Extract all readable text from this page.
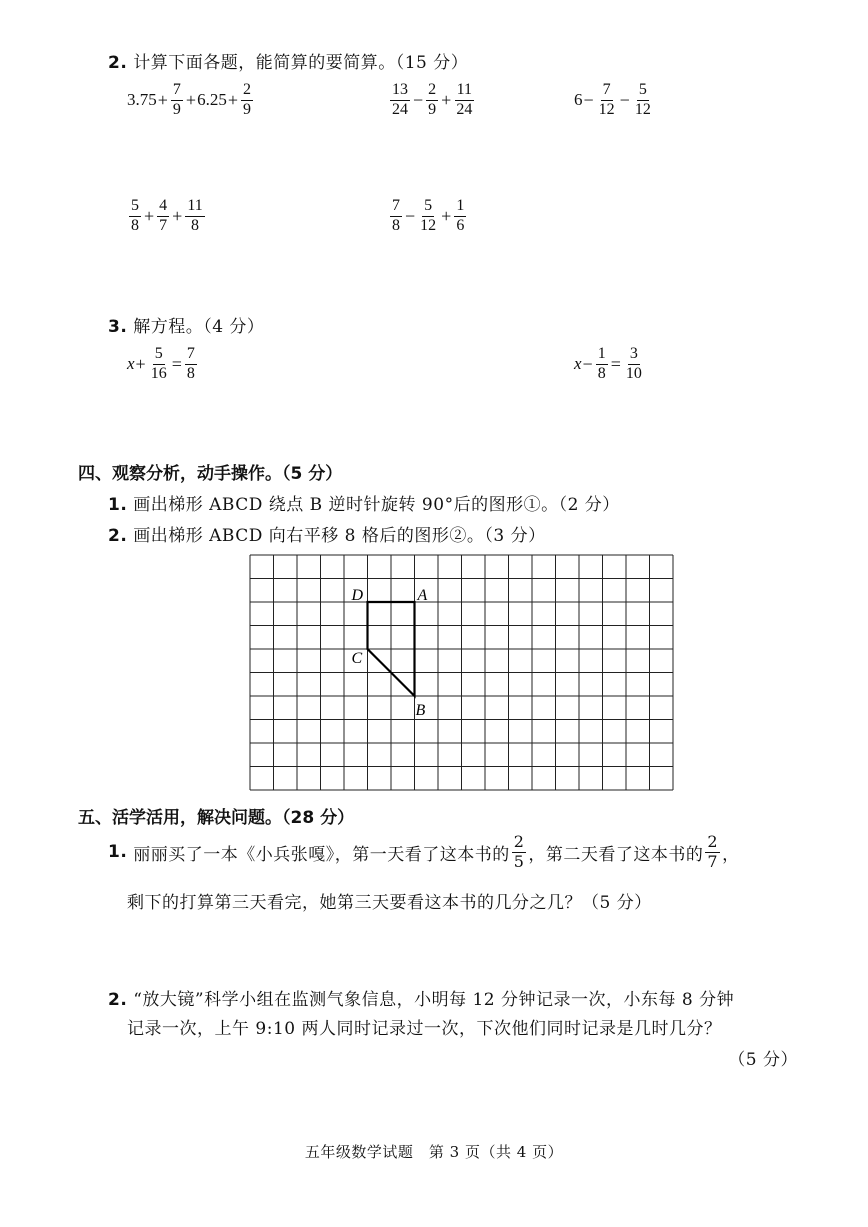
2. 计算下面各题，能简算的要简算。（15 分）
$3.75 + \frac{7}{9} + 6.25 + \frac{2}{9}$	$\frac{13}{24} - \frac{2}{9} + \frac{11}{24}$	$6 - \frac{7}{12} - \frac{5}{12}$
$\frac{5}{8} + \frac{4}{7} + \frac{11}{8}$	$\frac{7}{8} - \frac{5}{12} + \frac{1}{6}$
3. 解方程。（4 分）
$x + \frac{5}{16} = \frac{7}{8}$	$x - \frac{1}{8} = \frac{3}{10}$
四、观察分析，动手操作。（5 分）
1. 画出梯形 ABCD 绕点 B 逆时针旋转 90°后的图形①。（2 分）
2. 画出梯形 ABCD 向右平移 8 格后的图形②。（3 分）
D	A
C
B
五、活学活用，解决问题。（28 分）
1.
丽丽买了一本《小兵张嘎》，第一天看了这本书的 $\frac{2}{5}$ ，第二天看了这本书的 $\frac{2}{7}$ ，
剩下的打算第三天看完，她第三天要看这本书的几分之几？（5 分）
2. “放大镜”科学小组在监测气象信息，小明每 12 分钟记录一次，小东每 8 分钟
记录一次，上午 9:10 两人同时记录过一次，下次他们同时记录是几时几分？
（5 分）
五年级数学试题　第 3 页（共 4 页）
